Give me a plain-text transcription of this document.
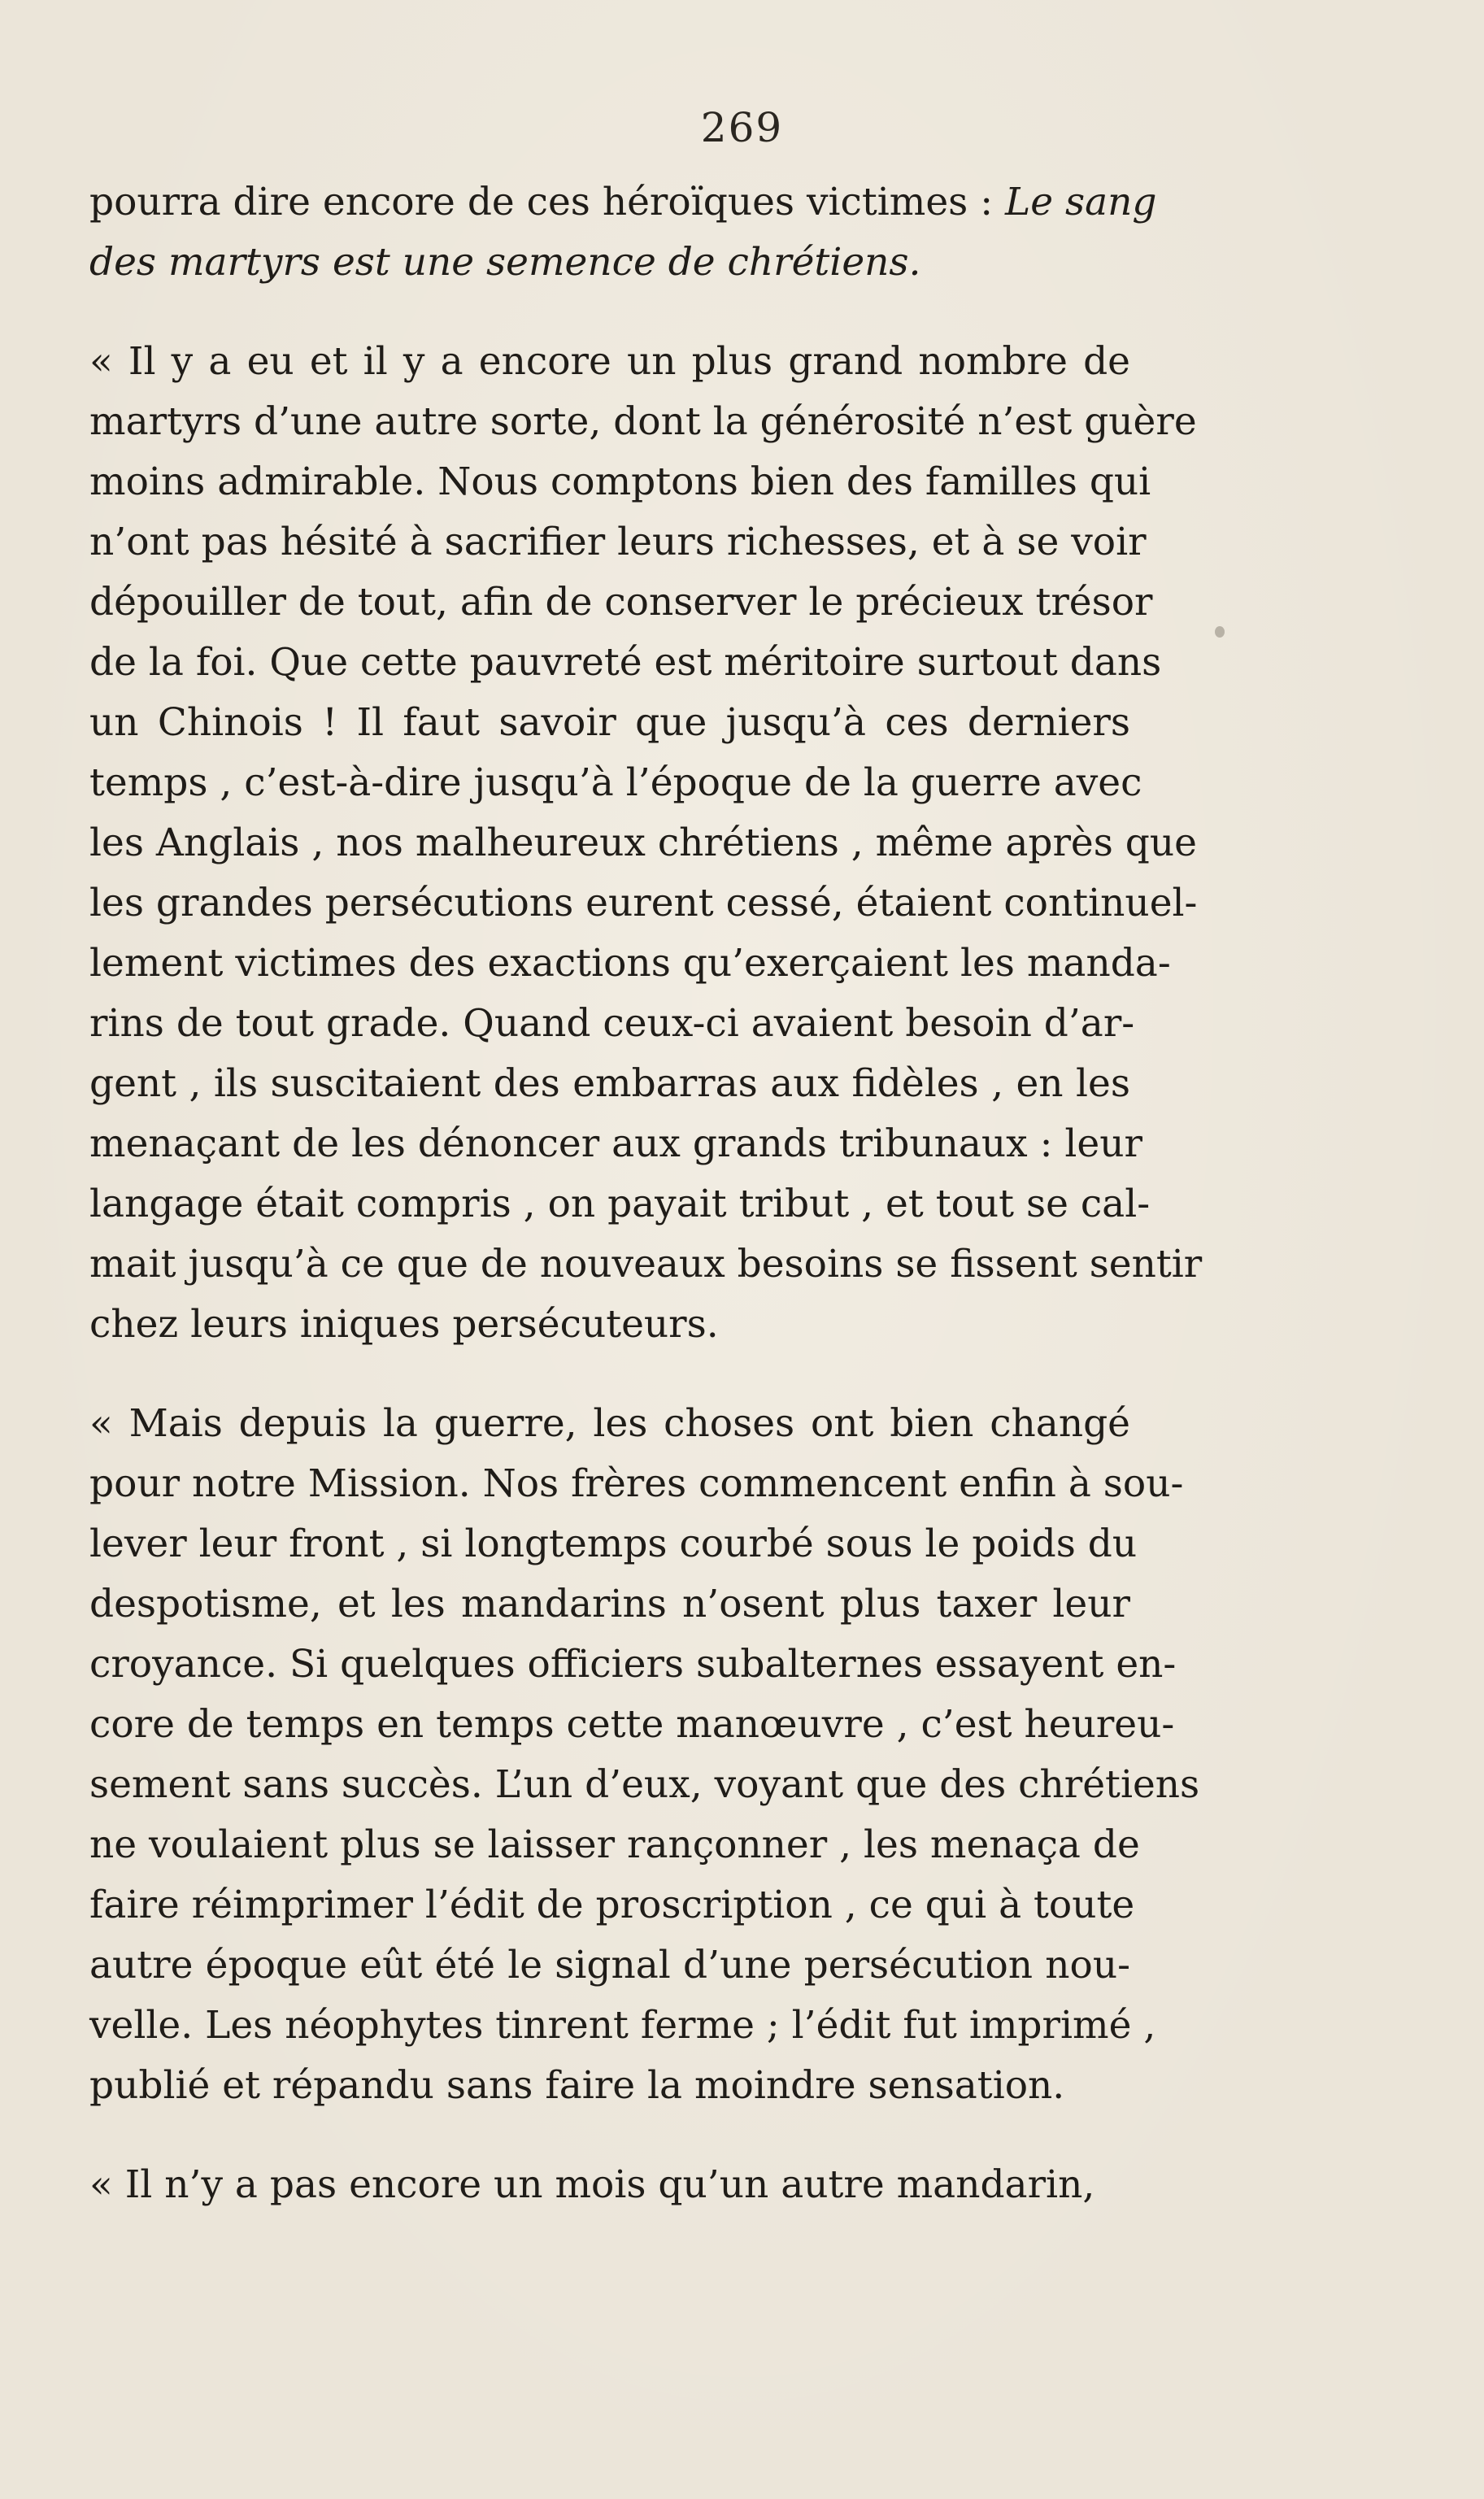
269
pourra dire encore de ces héroïques victimes : Le sang
des martyrs est une semence de chrétiens.
« Il y a eu et il y a encore un plus grand nombre de
martyrs d’une autre sorte, dont la générosité n’est guère
moins admirable. Nous comptons bien des familles qui
n’ont pas hésité à sacrifier leurs richesses, et à se voir
dépouiller de tout, afin de conserver le précieux trésor
de la foi. Que cette pauvreté est méritoire surtout dans
un Chinois ! Il faut savoir que jusqu’à ces derniers
temps , c’est-à-dire jusqu’à l’époque de la guerre avec
les Anglais , nos malheureux chrétiens , même après que
les grandes persécutions eurent cessé, étaient continuel-
lement victimes des exactions qu’exerçaient les manda-
rins de tout grade. Quand ceux-ci avaient besoin d’ar-
gent , ils suscitaient des embarras aux fidèles , en les
menaçant de les dénoncer aux grands tribunaux : leur
langage était compris , on payait tribut , et tout se cal-
mait jusqu’à ce que de nouveaux besoins se fissent sentir
chez leurs iniques persécuteurs.
« Mais depuis la guerre, les choses ont bien changé
pour notre Mission. Nos frères commencent enfin à sou-
lever leur front , si longtemps courbé sous le poids du
despotisme, et les mandarins n’osent plus taxer leur
croyance. Si quelques officiers subalternes essayent en-
core de temps en temps cette manœuvre , c’est heureu-
sement sans succès. L’un d’eux, voyant que des chrétiens
ne voulaient plus se laisser rançonner , les menaça de
faire réimprimer l’édit de proscription , ce qui à toute
autre époque eût été le signal d’une persécution nou-
velle. Les néophytes tinrent ferme ; l’édit fut imprimé ,
publié et répandu sans faire la moindre sensation.
« Il n’y a pas encore un mois qu’un autre mandarin,
